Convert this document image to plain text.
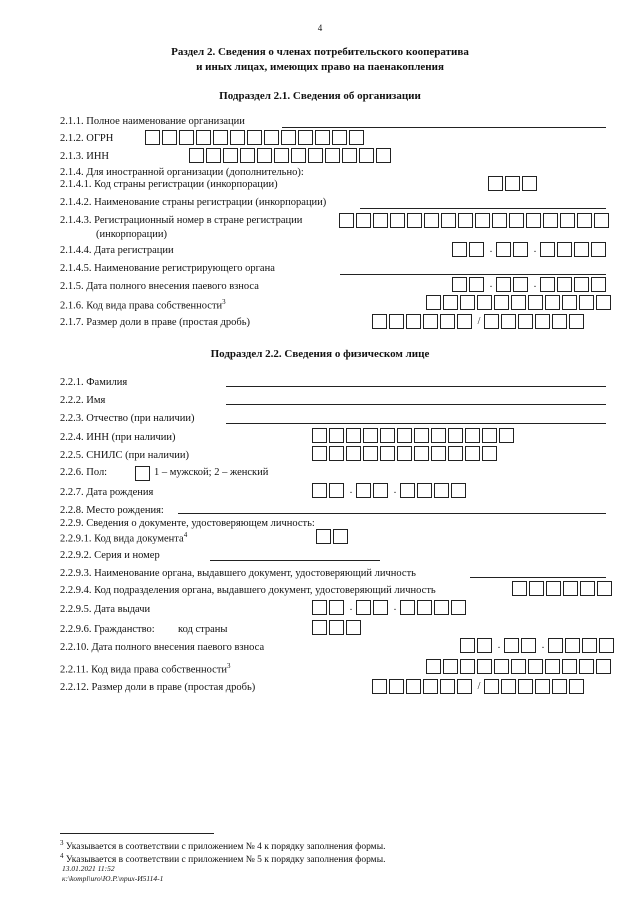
4
Раздел 2. Сведения о членах потребительского кооператива
и иных лицах, имеющих право на паенакопления
Подраздел 2.1. Сведения об организации
2.1.1. Полное наименование организации
2.1.2. ОГРН
2.1.3. ИНН
2.1.4. Для иностранной организации (дополнительно):
2.1.4.1. Код страны регистрации (инкорпорации)
2.1.4.2. Наименование страны регистрации (инкорпорации)
2.1.4.3. Регистрационный номер в стране регистрации
(инкорпорации)
2.1.4.4. Дата регистрации	.	.
2.1.4.5. Наименование регистрирующего органа
2.1.5. Дата полного внесения паевого взноса	.	.
2.1.6. Код вида права собственности$^3$
2.1.7. Размер доли в праве (простая дробь)	/
Подраздел 2.2. Сведения о физическом лице
2.2.1. Фамилия
2.2.2. Имя
2.2.3. Отчество (при наличии)
2.2.4. ИНН (при наличии)
2.2.5. СНИЛС (при наличии)
2.2.6. Пол:	1 – мужской; 2 – женский
2.2.7. Дата рождения	.	.
2.2.8. Место рождения:
2.2.9. Сведения о документе, удостоверяющем личность:
2.2.9.1. Код вида документа$^4$
2.2.9.2. Серия и номер
2.2.9.3. Наименование органа, выдавшего документ, удостоверяющий личность
2.2.9.4. Код подразделения органа, выдавшего документ, удостоверяющий личность
2.2.9.5. Дата выдачи	.	.
2.2.9.6. Гражданство: код страны
2.2.10. Дата полного внесения паевого взноса	.	.
2.2.11. Код вида права собственности$^3$
2.2.12. Размер доли в праве (простая дробь)	/
$^3$ Указывается в соответствии с приложением № 4 к порядку заполнения формы.
$^4$ Указывается в соответствии с приложением № 5 к порядку заполнения формы.
13.01.2021 11:52
к:\kompl\uro\Ю.Р.\npux-И5114-1
